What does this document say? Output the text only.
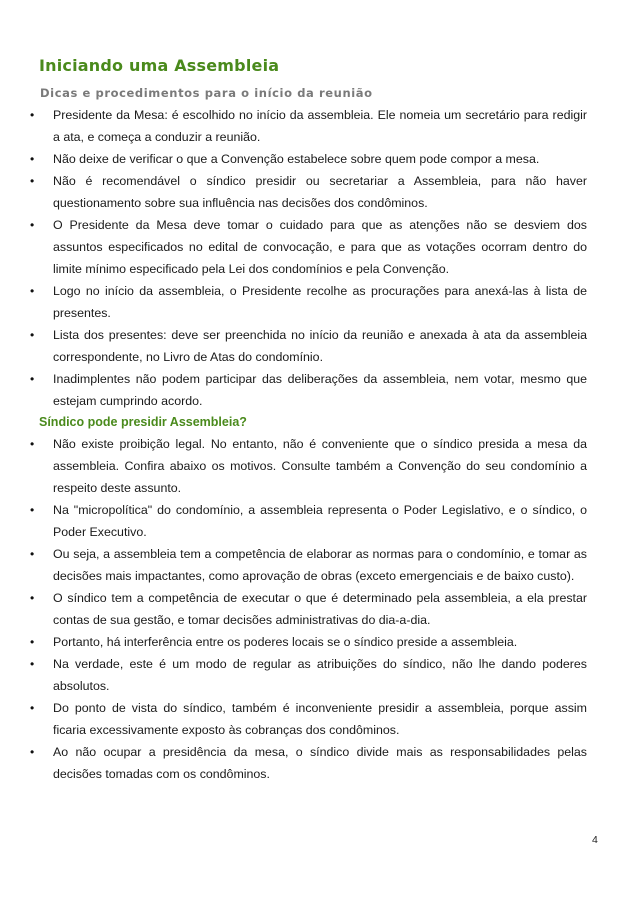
Iniciando uma Assembleia
Dicas e procedimentos para o início da reunião
• Presidente da Mesa: é escolhido no início da assembleia. Ele nomeia um secretário para redigir a ata, e começa a conduzir a reunião.
• Não deixe de verificar o que a Convenção estabelece sobre quem pode compor a mesa.
• Não é recomendável o síndico presidir ou secretariar a Assembleia, para não haver questionamento sobre sua influência nas decisões dos condôminos.
• O Presidente da Mesa deve tomar o cuidado para que as atenções não se desviem dos assuntos especificados no edital de convocação, e para que as votações ocorram dentro do limite mínimo especificado pela Lei dos condomínios e pela Convenção.
• Logo no início da assembleia, o Presidente recolhe as procurações para anexá-las à lista de presentes.
• Lista dos presentes: deve ser preenchida no início da reunião e anexada à ata da assembleia correspondente, no Livro de Atas do condomínio.
• Inadimplentes não podem participar das deliberações da assembleia, nem votar, mesmo que estejam cumprindo acordo.
Síndico pode presidir Assembleia?
• Não existe proibição legal. No entanto, não é conveniente que o síndico presida a mesa da assembleia. Confira abaixo os motivos. Consulte também a Convenção do seu condomínio a respeito deste assunto.
• Na "micropolítica" do condomínio, a assembleia representa o Poder Legislativo, e o síndico, o Poder Executivo.
• Ou seja, a assembleia tem a competência de elaborar as normas para o condomínio, e tomar as decisões mais impactantes, como aprovação de obras (exceto emergenciais e de baixo custo).
• O síndico tem a competência de executar o que é determinado pela assembleia, a ela prestar contas de sua gestão, e tomar decisões administrativas do dia-a-dia.
• Portanto, há interferência entre os poderes locais se o síndico preside a assembleia.
• Na verdade, este é um modo de regular as atribuições do síndico, não lhe dando poderes absolutos.
• Do ponto de vista do síndico, também é inconveniente presidir a assembleia, porque assim ficaria excessivamente exposto às cobranças dos condôminos.
• Ao não ocupar a presidência da mesa, o síndico divide mais as responsabilidades pelas decisões tomadas com os condôminos.
4
